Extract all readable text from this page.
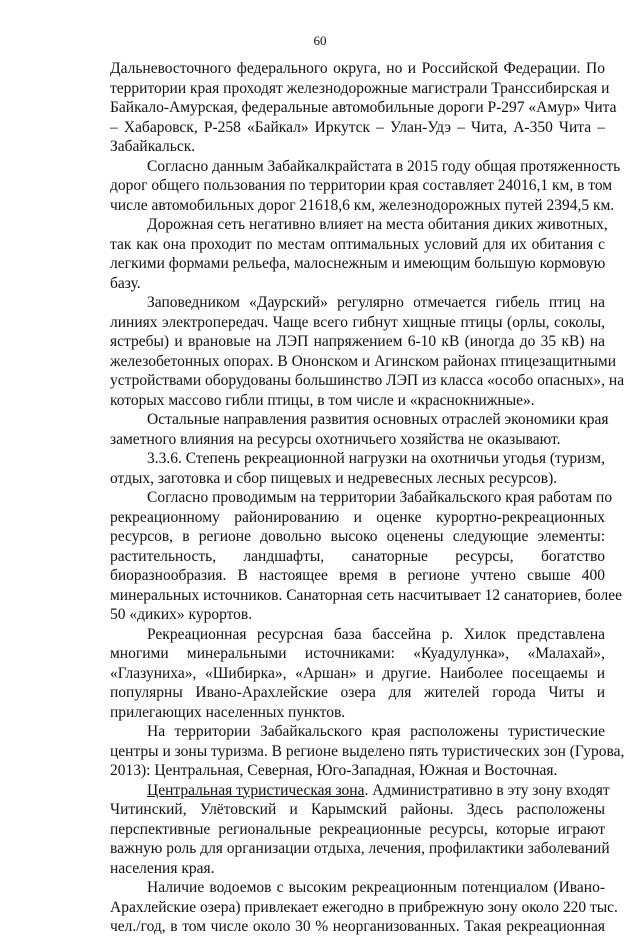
60
Дальневосточного федерального округа, но и Российской Федерации. По
территории края проходят железнодорожные магистрали Транссибирская и
Байкало-Амурская, федеральные автомобильные дороги Р-297 «Амур» Чита
– Хабаровск, Р-258 «Байкал» Иркутск – Улан-Удэ – Чита, А-350 Чита –
Забайкальск.
Согласно данным Забайкалкрайстата в 2015 году общая протяженность
дорог общего пользования по территории края составляет 24016,1 км, в том
числе автомобильных дорог 21618,6 км, железнодорожных путей 2394,5 км.
Дорожная сеть негативно влияет на места обитания диких животных,
так как она проходит по местам оптимальных условий для их обитания с
легкими формами рельефа, малоснежным и имеющим большую кормовую
базу.
Заповедником «Даурский» регулярно отмечается гибель птиц на
линиях электропередач. Чаще всего гибнут хищные птицы (орлы, соколы,
ястребы) и врановые на ЛЭП напряжением 6-10 кВ (иногда до 35 кВ) на
железобетонных опорах. В Ононском и Агинском районах птицезащитными
устройствами оборудованы большинство ЛЭП из класса «особо опасных», на
которых массово гибли птицы, в том числе и «краснокнижные».
Остальные направления развития основных отраслей экономики края
заметного влияния на ресурсы охотничьего хозяйства не оказывают.
3.3.6. Степень рекреационной нагрузки на охотничьи угодья (туризм,
отдых, заготовка и сбор пищевых и недревесных лесных ресурсов).
Согласно проводимым на территории Забайкальского края работам по
рекреационному районированию и оценке курортно-рекреационных
ресурсов, в регионе довольно высоко оценены следующие элементы:
растительность, ландшафты, санаторные ресурсы, богатство
биоразнообразия. В настоящее время в регионе учтено свыше 400
минеральных источников. Санаторная сеть насчитывает 12 санаториев, более
50 «диких» курортов.
Рекреационная ресурсная база бассейна р. Хилок представлена
многими минеральными источниками: «Куадулунка», «Малахай»,
«Глазуниха», «Шибирка», «Аршан» и другие. Наиболее посещаемы и
популярны Ивано-Арахлейские озера для жителей города Читы и
прилегающих населенных пунктов.
На территории Забайкальского края расположены туристические
центры и зоны туризма. В регионе выделено пять туристических зон (Гурова,
2013): Центральная, Северная, Юго-Западная, Южная и Восточная.
Центральная туристическая зона. Административно в эту зону входят
Читинский, Улётовский и Карымский районы. Здесь расположены
перспективные региональные рекреационные ресурсы, которые играют
важную роль для организации отдыха, лечения, профилактики заболеваний
населения края.
Наличие водоемов с высоким рекреационным потенциалом (Ивано-
Арахлейские озера) привлекает ежегодно в прибрежную зону около 220 тыс.
чел./год, в том числе около 30 % неорганизованных. Такая рекреационная
